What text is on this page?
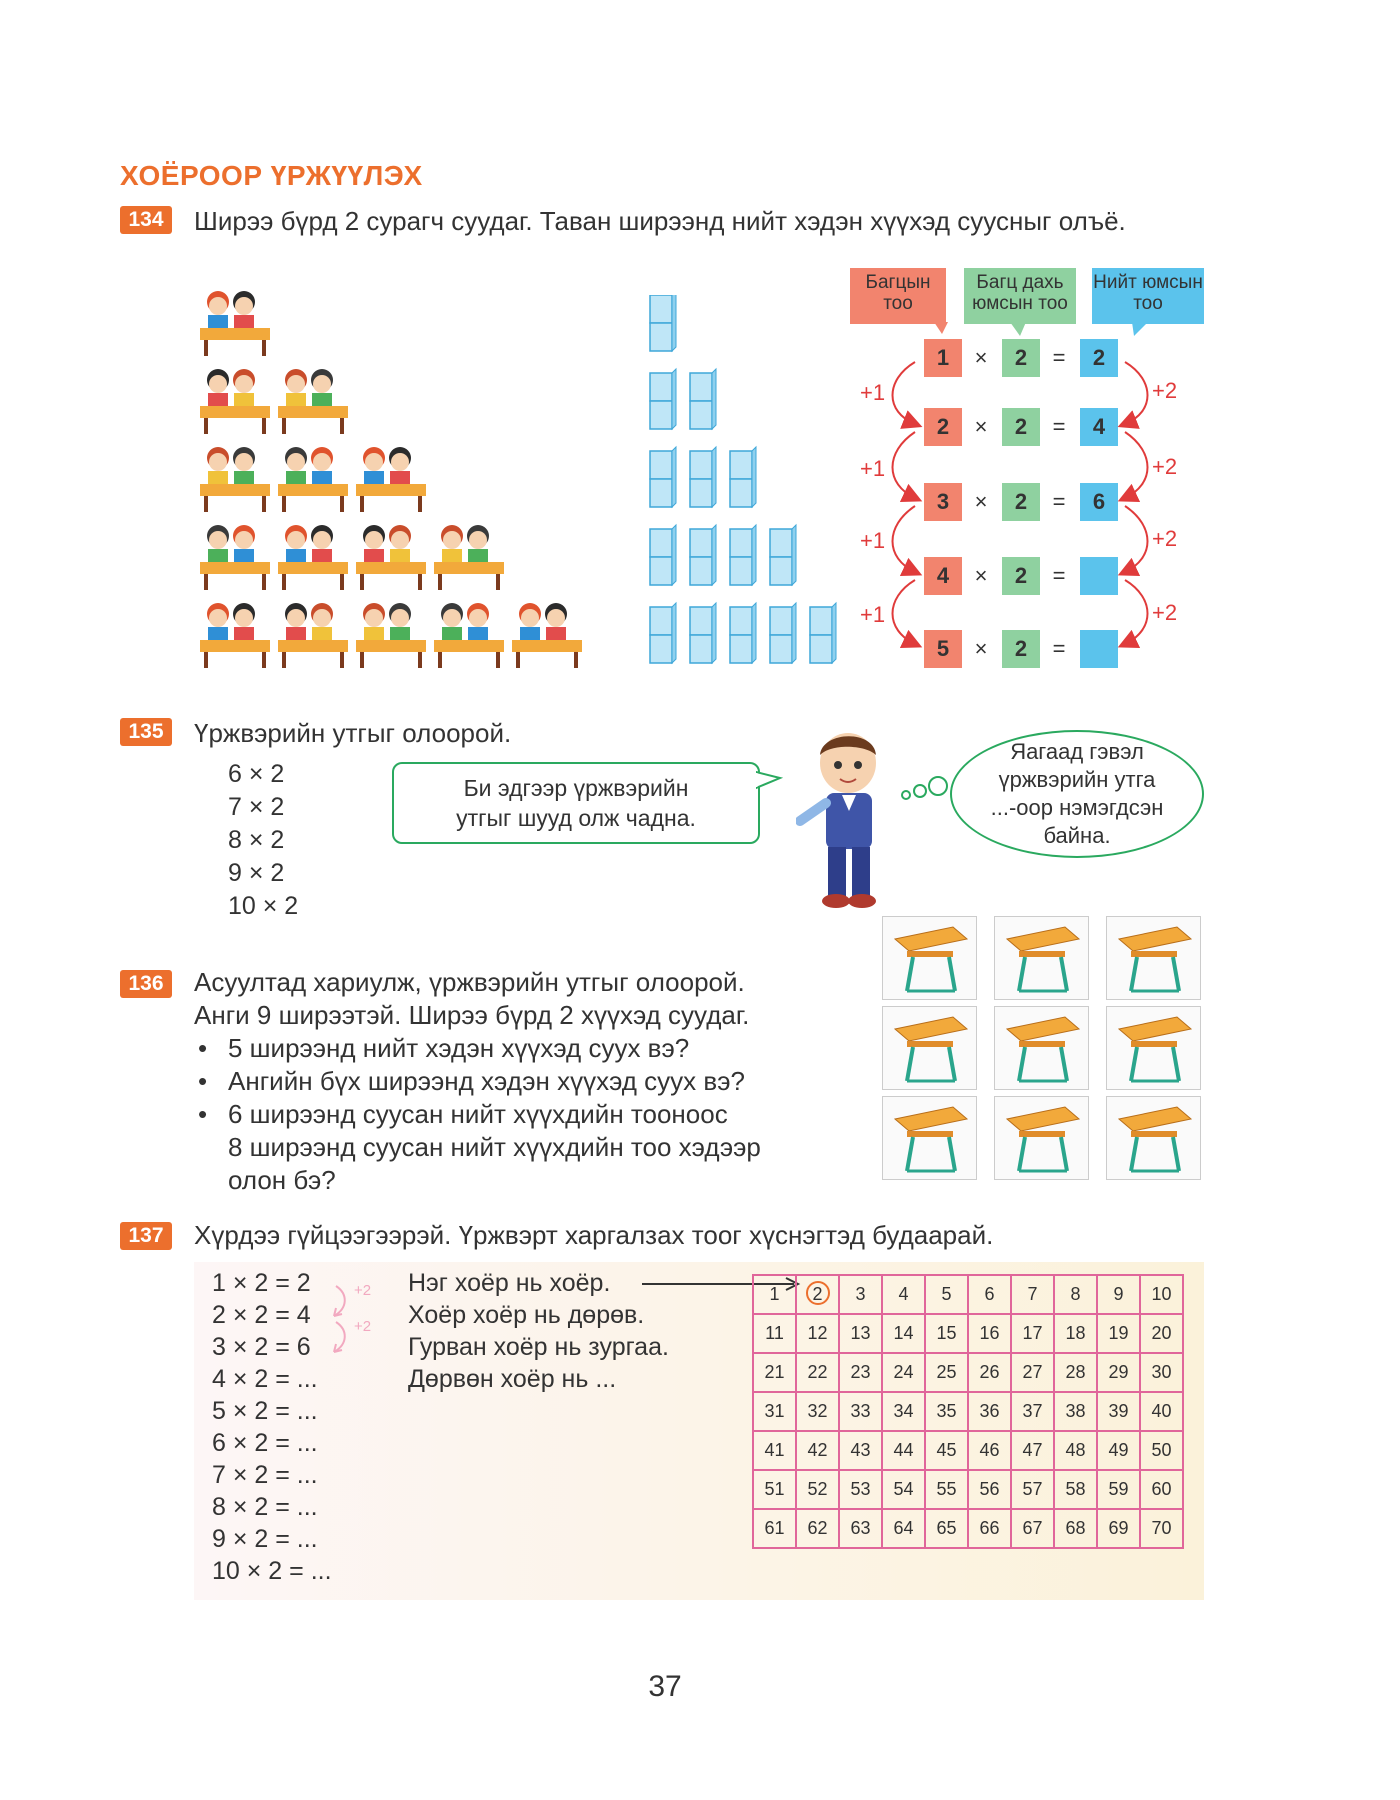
ХОЁРООР ҮРЖҮҮЛЭХ
134	Ширээ бүрд 2 сурагч суудаг. Таван ширээнд нийт хэдэн хүүхэд суусныг олъё.
Багцын тоо
Багц дахь юмсын тоо
Нийт юмсын тоо
1	×	2	=	2
2	×	2	=	4
3	×	2	=	6
4	×	2	=
5	×	2	=
+1
+1
+1
+1
+2
+2
+2
+2
135	Үржвэрийн утгыг олоорой.
6 × 2
7 × 2
8 × 2
9 × 2
10 × 2
Би эдгээр үржвэрийн
утгыг шууд олж чадна.
Яагаад гэвэл
үржвэрийн утга
...-оор нэмэгдсэн
байна.
136	Асуултад хариулж, үржвэрийн утгыг олоорой.
Анги 9 ширээтэй. Ширээ бүрд 2 хүүхэд суудаг.
• 5 ширээнд нийт хэдэн хүүхэд суух вэ?
• Ангийн бүх ширээнд хэдэн хүүхэд суух вэ?
• 6 ширээнд суусан нийт хүүхдийн тооноос
8 ширээнд суусан нийт хүүхдийн тоо хэдээр
олон бэ?
137	Хүрдээ гүйцээгээрэй. Үржвэрт харгалзах тоог хүснэгтэд будаарай.
1 × 2 = 2
2 × 2 = 4
3 × 2 = 6
4 × 2 = ...
5 × 2 = ...
6 × 2 = ...
7 × 2 = ...
8 × 2 = ...
9 × 2 = ...
10 × 2 = ...
+2
+2
Нэг хоёр нь хоёр.
Хоёр хоёр нь дөрөв.
Гурван хоёр нь зургаа.
Дөрвөн хоёр нь ...
1	2	3	4	5	6	7	8	9	10
11	12	13	14	15	16	17	18	19	20
21	22	23	24	25	26	27	28	29	30
31	32	33	34	35	36	37	38	39	40
41	42	43	44	45	46	47	48	49	50
51	52	53	54	55	56	57	58	59	60
61	62	63	64	65	66	67	68	69	70
37
